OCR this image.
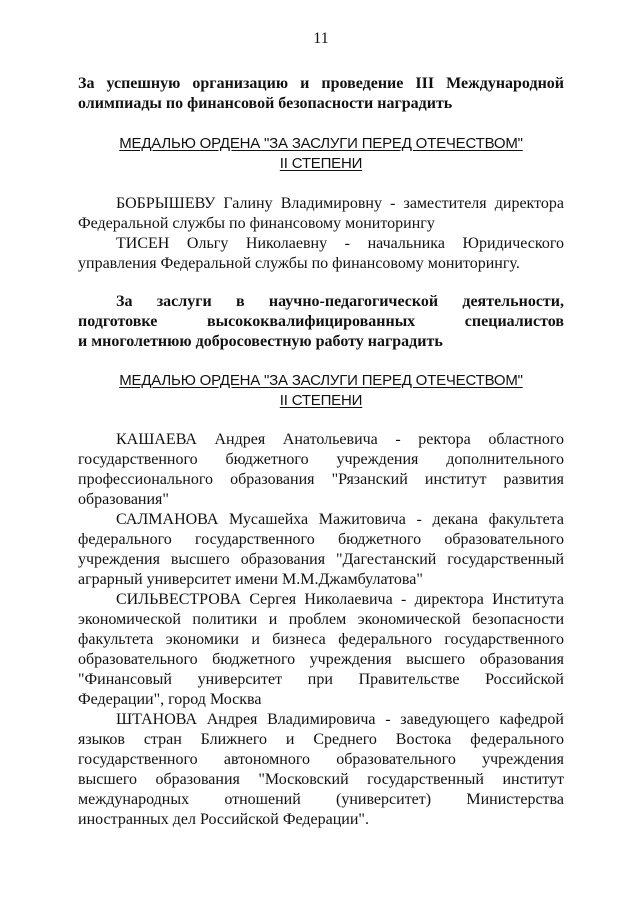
11
За успешную организацию и проведение III Международной
олимпиады по финансовой безопасности наградить
МЕДАЛЬЮ ОРДЕНА "ЗА ЗАСЛУГИ ПЕРЕД ОТЕЧЕСТВОМ"
II СТЕПЕНИ
БОБРЫШЕВУ Галину Владимировну - заместителя директора
Федеральной службы по финансовому мониторингу
ТИСЕН Ольгу Николаевну - начальника Юридического
управления Федеральной службы по финансовому мониторингу.
За заслуги в научно-педагогической деятельности,
подготовке высококвалифицированных специалистов
и многолетнюю добросовестную работу наградить
МЕДАЛЬЮ ОРДЕНА "ЗА ЗАСЛУГИ ПЕРЕД ОТЕЧЕСТВОМ"
II СТЕПЕНИ
КАШАЕВА Андрея Анатольевича - ректора областного
государственного бюджетного учреждения дополнительного
профессионального образования "Рязанский институт развития
образования"
САЛМАНОВА Мусашейха Мажитовича - декана факультета
федерального государственного бюджетного образовательного
учреждения высшего образования "Дагестанский государственный
аграрный университет имени М.М.Джамбулатова"
СИЛЬВЕСТРОВА Сергея Николаевича - директора Института
экономической политики и проблем экономической безопасности
факультета экономики и бизнеса федерального государственного
образовательного бюджетного учреждения высшего образования
"Финансовый университет при Правительстве Российской
Федерации", город Москва
ШТАНОВА Андрея Владимировича - заведующего кафедрой
языков стран Ближнего и Среднего Востока федерального
государственного автономного образовательного учреждения
высшего образования "Московский государственный институт
международных отношений (университет) Министерства
иностранных дел Российской Федерации".
